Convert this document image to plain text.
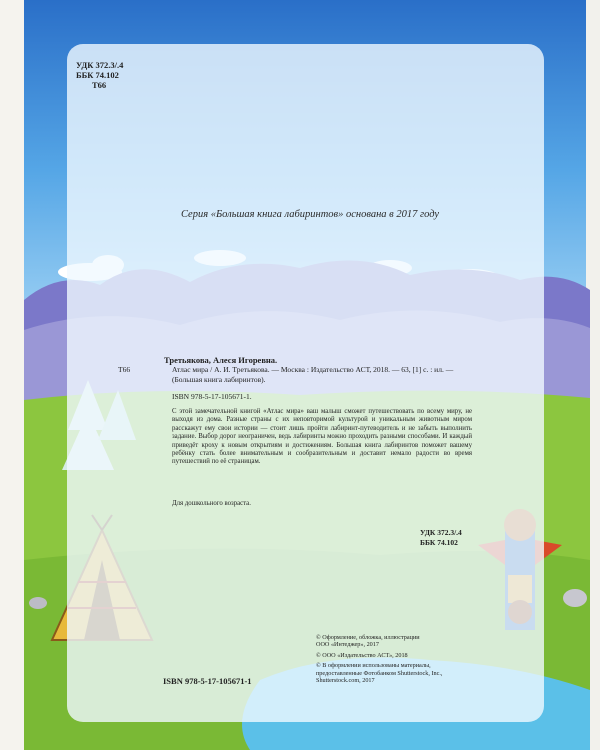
УДК 372.3/.4
ББК 74.102
Т66
Серия «Большая книга лабиринтов» основана в 2017 году
Третьякова, Алеся Игоревна.
Т66	Атлас мира / А. И. Третьякова. — Москва : Издательство АСТ, 2018. — 63, [1] с. : ил. — (Большая книга лабиринтов).
ISBN 978-5-17-105671-1.
С этой замечательной книгой «Атлас мира» ваш малыш сможет путешествовать по всему миру, не выходя из дома. Разные страны с их неповторимой культурой и уникальным животным миром расскажут ему свои истории — стоит лишь пройти лабиринт-путеводитель и не забыть выполнить задание. Выбор дорог неограничен, ведь лабиринты можно проходить разными способами. И каждый приведёт кроху к новым открытиям и достижениям. Большая книга лабиринтов поможет вашему ребёнку стать более внимательным и сообразительным и доставит немало радости во время путешествий по её страницам.
Для дошкольного возраста.
УДК 372.3/.4
ББК 74.102
© Оформление, обложка, иллюстрации
ООО «Интеджер», 2017
© ООО «Издательство АСТ», 2018
© В оформлении использованы материалы,
предоставленные Фотобанком Shutterstock, Inc.,
Shutterstock.com, 2017
ISBN 978-5-17-105671-1
